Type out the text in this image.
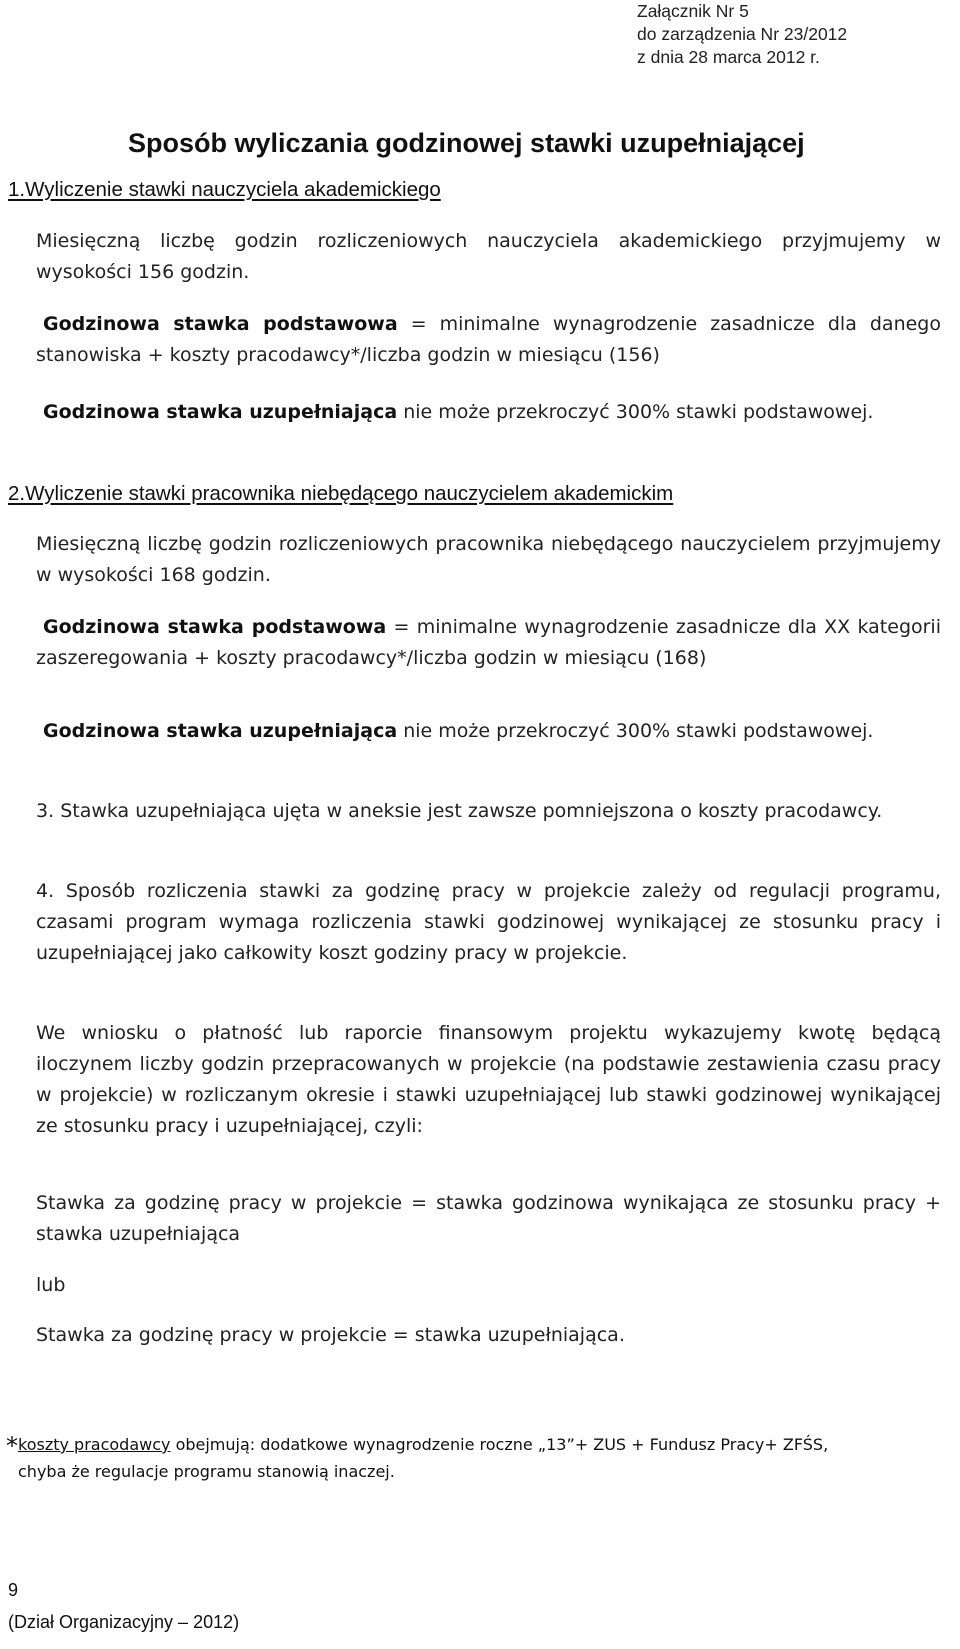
Załącznik Nr 5
do zarządzenia Nr 23/2012
z dnia 28 marca 2012 r.
Sposób wyliczania godzinowej stawki uzupełniającej
1.Wyliczenie stawki nauczyciela akademickiego
Miesięczną liczbę godzin rozliczeniowych nauczyciela akademickiego przyjmujemy w wysokości 156 godzin.
Godzinowa stawka podstawowa = minimalne wynagrodzenie zasadnicze dla danego stanowiska + koszty pracodawcy*/liczba godzin w miesiącu (156)
Godzinowa stawka uzupełniająca nie może przekroczyć 300% stawki podstawowej.
2.Wyliczenie stawki pracownika niebędącego nauczycielem akademickim
Miesięczną liczbę godzin rozliczeniowych pracownika niebędącego nauczycielem przyjmujemy w wysokości 168 godzin.
Godzinowa stawka podstawowa = minimalne wynagrodzenie zasadnicze dla XX kategorii zaszeregowania + koszty pracodawcy*/liczba godzin w miesiącu (168)
Godzinowa stawka uzupełniająca nie może przekroczyć 300% stawki podstawowej.
3. Stawka uzupełniająca ujęta w aneksie jest zawsze pomniejszona o koszty pracodawcy.
4. Sposób rozliczenia stawki za godzinę pracy w projekcie zależy od regulacji programu, czasami program wymaga rozliczenia stawki godzinowej wynikającej ze stosunku pracy i uzupełniającej jako całkowity koszt godziny pracy w projekcie.
We wniosku o płatność lub raporcie finansowym projektu wykazujemy kwotę będącą iloczynem liczby godzin przepracowanych w projekcie (na podstawie zestawienia czasu pracy w projekcie) w rozliczanym okresie i stawki uzupełniającej lub stawki godzinowej wynikającej ze stosunku pracy i uzupełniającej, czyli:
Stawka za godzinę pracy w projekcie = stawka godzinowa wynikająca ze stosunku pracy + stawka uzupełniająca
lub
Stawka za godzinę pracy w projekcie = stawka uzupełniająca.
*koszty pracodawcy obejmują: dodatkowe wynagrodzenie roczne „13”+ ZUS + Fundusz Pracy+ ZFŚS,
chyba że regulacje programu stanowią inaczej.
9
(Dział Organizacyjny – 2012)
